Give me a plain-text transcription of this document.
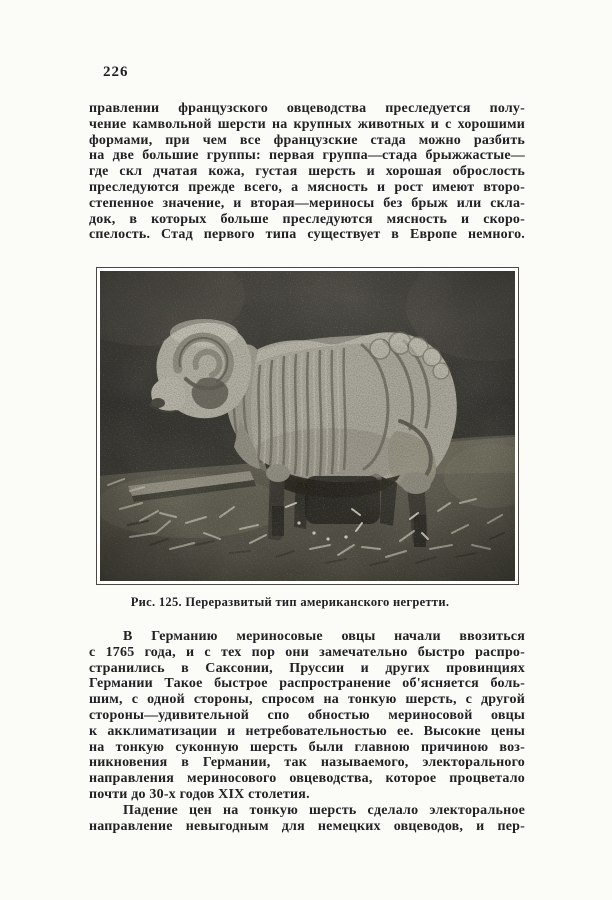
226
правлении французского овцеводства преследуется полу-
чение камвольной шерсти на крупных животных и с хорошими
формами, при чем все французские стада можно разбить
на две большие группы: первая группа—стада брыжжастые—
где скл дчатая кожа, густая шерсть и хорошая оброслость
преследуются прежде всего, а мясность и рост имеют второ-
степенное значение, и вторая—мериносы без брыж или скла-
док, в которых больше преследуются мясность и скоро-
спелость. Стад первого типа существует в Европе немного.
Рис. 125. Переразвитый тип американского негретти.
В Германию мериносовые овцы начали ввозиться
с 1765 года, и с тех пор они замечательно быстро распро-
странились в Саксонии, Пруссии и других провинциях
Германии Такое быстрое распространение об'ясняется боль-
шим, с одной стороны, спросом на тонкую шерсть, с другой
стороны—удивительной спо обностью мериносовой овцы
к акклиматизации и нетребовательностью ее. Высокие цены
на тонкую суконную шерсть были главною причиною воз-
никновения в Германии, так называемого, электорального
направления мериносового овцеводства, которое процветало
почти до 30-х годов XIX столетия.
Падение цен на тонкую шерсть сделало электоральное
направление невыгодным для немецких овцеводов, и пер-
